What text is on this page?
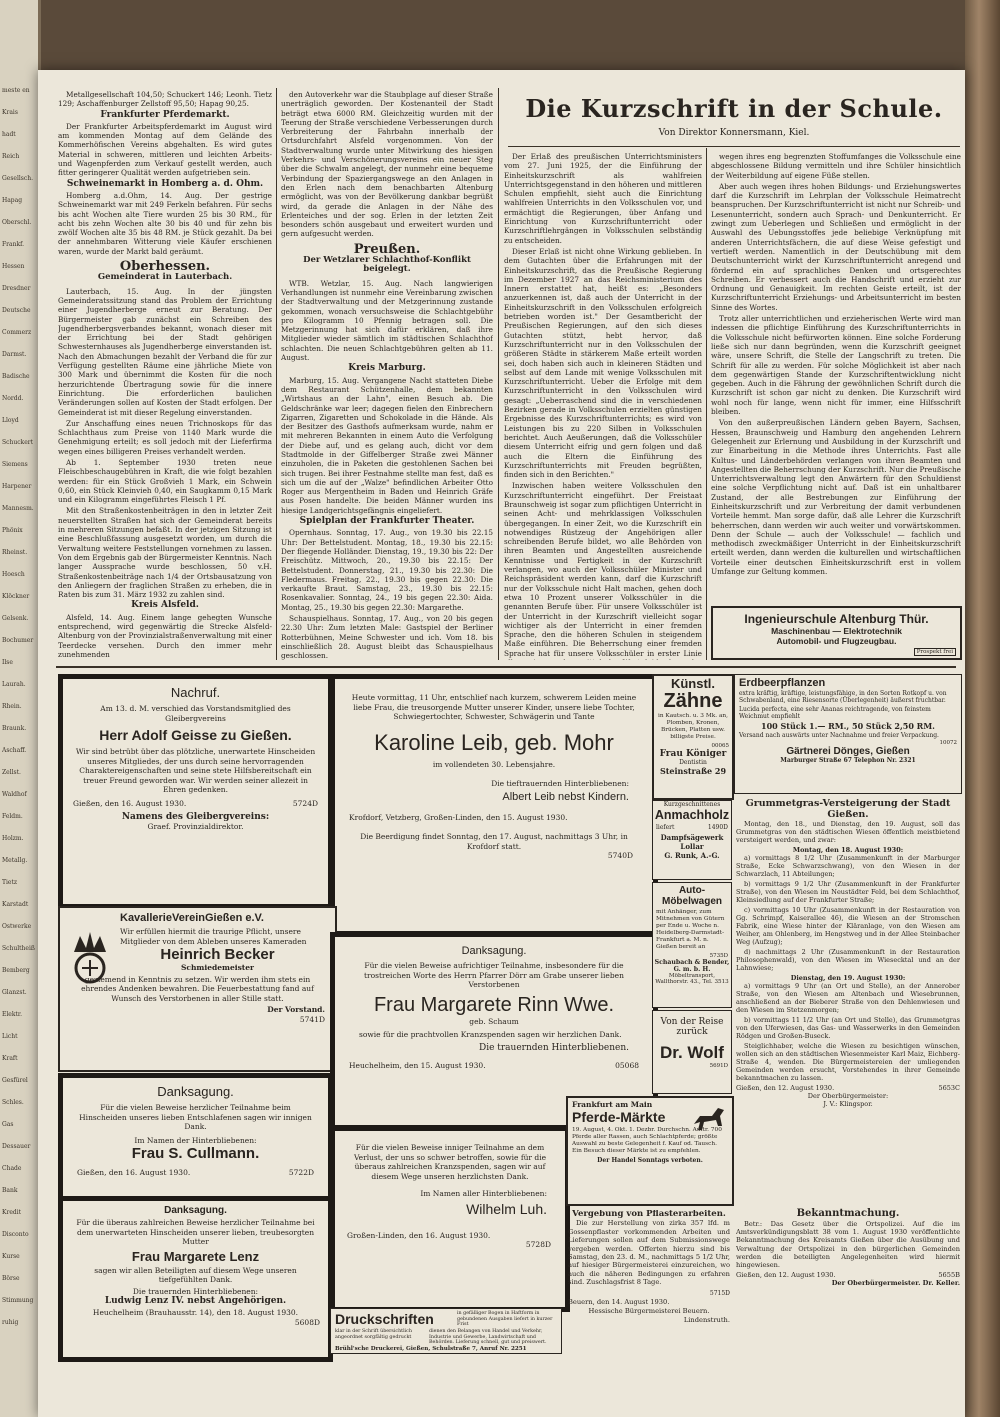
Metallgesellschaft 104,50; Schuckert 146; Leonh. Tietz 129; Aschaffenburger Zellstoff 95,50; Hapag 90,25.

Frankfurter Pferdemarkt.

Der Frankfurter Arbeitspferdemarkt im August wird am kommenden Montag auf dem Gelände des Kommerhöfischen Vereins abgehalten. Es wird gutes Material in schweren, mittleren und leichten Arbeits- und Wagenpferden zum Verkauf gestellt werden, auch fitter geringerer Qualität werden aufgetrieben sein.

Schweinemarkt in Homberg a. d. Ohm.

Homberg a.d.Ohm, 14. Aug. Der gestrige Schweinemarkt war mit 249 Ferkeln befahren. Für sechs bis acht Wochen alte Tiere wurden 25 bis 30 RM., für acht bis zehn Wochen alte 30 bis 40 und für zehn bis zwölf Wochen alte 35 bis 48 RM. je Stück gezahlt. Da bei der annehmbaren Witterung viele Käufer erschienen waren, wurde der Markt bald geräumt.

Oberhessen.
Gemeinderat in Lauterbach.

Lauterbach, 15. Aug. In der jüngsten Gemeinderatssitzung stand das Problem der Errichtung einer Jugendherberge erneut zur Beratung. Der Bürgermeister gab zunächst ein Schreiben des Jugendherbergsverbandes bekannt, wonach dieser mit der Errichtung bei der Stadt gehörigen Schwesternhauses als Jugendherberge einverstanden ist. Nach den Abmachungen bezahlt der Verband die für zur Verfügung gestellten Räume eine jährliche Miete von 300 Mark und übernimmt die Kosten für die noch herzurichtende Übertragung sowie für die innere Einrichtung. Die erforderlichen baulichen Veränderungen sollen auf Kosten der Stadt erfolgen. Der Gemeinderat ist mit dieser Regelung einverstanden.

Zur Anschaffung eines neuen Trichnoskops für das Schlachthaus zum Preise von 1140 Mark wurde die Genehmigung erteilt; es soll jedoch mit der Lieferfirma wegen eines billigeren Preises verhandelt werden.

Ab 1. September 1930 treten neue Fleischbeschaugebühren in Kraft, die wie folgt bezahlen werden: für ein Stück Großvieh 1 Mark, ein Schwein 0,60, ein Stück Kleinvieh 0,40, ein Saugkamm 0,15 Mark und ein Kilogramm eingeführtes Fleisch 1 Pf.

Mit den Straßenkostenbeiträgen in den in letzter Zeit neuerstellten Straßen hat sich der Gemeinderat bereits in mehreren Sitzungen befaßt. In der jetzigen Sitzung ist eine Beschlußfassung ausgesetzt worden, um durch die Verwaltung weitere Feststellungen vornehmen zu lassen. Von dem Ergebnis gab der Bürgermeister Kenntnis. Nach langer Aussprache wurde beschlossen, 50 v.H. Straßenkostenbeiträge nach 1/4 der Ortsbausatzung von den Anliegern der fraglichen Straßen zu erheben, die in Raten bis zum 31. März 1932 zu zahlen sind.

Kreis Alsfeld.

Alsfeld, 14. Aug. Einem lange gehegten Wunsche entsprechend, wird gegenwärtig die Strecke Alsfeld-Altenburg von der Provinzialstraßenverwaltung mit einer Teerdecke versehen. Durch den immer mehr zunehmenden

den Autoverkehr war die Staubplage auf dieser Straße unerträglich geworden. Der Kostenanteil der Stadt beträgt etwa 6000 RM. Gleichzeitig wurden mit der Teerung der Straße verschiedene Verbesserungen durch Verbreiterung der Fahrbahn innerhalb der Ortsdurchfahrt Alsfeld vorgenommen. Von der Stadtverwaltung wurde unter Mitwirkung des hiesigen Verkehrs- und Verschönerungsvereins ein neuer Steg über die Schwalm angelegt, der nunmehr eine bequeme Verbindung der Spaziergangswege an den Anlagen in den Erlen nach dem benachbarten Altenburg ermöglicht, was von der Bevölkerung dankbar begrüßt wird, da gerade die Anlagen in der Nähe des Erlenteiches und der sog. Erlen in der letzten Zeit besonders schön ausgebaut und erweitert wurden und gern aufgesucht werden.

Preußen.
Der Wetzlarer Schlachthof-Konflikt beigelegt.

WTB. Wetzlar, 15. Aug. Nach langwierigen Verhandlungen ist nunmehr eine Vereinbarung zwischen der Stadtverwaltung und der Metzgerinnung zustande gekommen, wonach versuchsweise die Schlachtgebühr pro Kilogramm 10 Pfennig betragen soll. Die Metzgerinnung hat sich dafür erklären, daß ihre Mitglieder wieder sämtlich im städtischen Schlachthof schlachten. Die neuen Schlachtgebühren gelten ab 11. August.

Kreis Marburg.

Marburg, 15. Aug. Vergangene Nacht statteten Diebe dem Restaurant Schützenhalle, dem bekannten „Wirtshaus an der Lahn", einen Besuch ab. Die Geldschränke war leer; dagegen fielen den Einbrechern Zigarren, Zigaretten und Schokolade in die Hände. Als der Besitzer des Gasthofs aufmerksam wurde, nahm er mit mehreren Bekannten in einem Auto die Verfolgung der Diebe auf, und es gelang auch, dicht vor dem Stadtmolde in der Giffelberger Straße zwei Männer einzuholen, die in Paketen die gestohlenen Sachen bei sich trugen. Bei ihrer Festnahme stellte man fest, daß es sich um die auf der „Walze" befindlichen Arbeiter Otto Roger aus Mergentheim in Baden und Heinrich Gräfe aus Posen handelte. Die beiden Männer wurden ins hiesige Landgerichtsgefängnis eingeliefert.

Spielplan der Frankfurter Theater.

Opernhaus. Sonntag, 17. Aug., von 19.30 bis 22.15 Uhr: Der Bettelstudent. Montag, 18., 19.30 bis 22.15: Der fliegende Holländer. Dienstag, 19., 19.30 bis 22: Der Freischütz. Mittwoch, 20., 19.30 bis 22.15: Der Bettelstudent. Donnerstag, 21., 19.30 bis 22.30: Die Fledermaus. Freitag, 22., 19.30 bis gegen 22.30: Die verkaufte Braut. Samstag, 23., 19.30 bis 22.15: Rosenkavalier. Sonntag, 24., 19 bis gegen 22.30: Aida. Montag, 25., 19.30 bis gegen 22.30: Margarethe.

Schauspielhaus. Sonntag, 17. Aug., von 20 bis gegen 22.30 Uhr: Zum letzten Male: Gastspiel der Berliner Rotterbühnen, Meine Schwester und ich. Vom 18. bis einschließlich 28. August bleibt das Schauspielhaus geschlossen.

Die Kurzschrift in der Schule.
Von Direktor Konnersmann, Kiel.

Der Erlaß des preußischen Unterrichtsministers vom 27. Juni 1925, der die Einführung der Einheitskurzschrift als wahlfreien Unterrichtsgegenstand in den höheren und mittleren Schulen empfiehlt, sieht auch die Einrichtung wahlfreien Unterrichts in den Volksschulen vor, und ermächtigt die Regierungen, über Anfang und Einrichtung von Kurzschriftunterricht oder Kurzschriftlehrgängen in Volksschulen selbständig zu entscheiden.

Dieser Erlaß ist nicht ohne Wirkung geblieben. In dem Gutachten über die Erfahrungen mit der Einheitskurzschrift, das die Preußische Regierung im Dezember 1927 an das Reichsministerium des Innern erstattet hat, heißt es: „Besonders anzuerkennen ist, daß auch der Unterricht in der Einheitskurzschrift in den Volksschulen erfolgreich betrieben worden ist." Der Gesamtbericht der Preußischen Regierungen, auf den sich dieses Gutachten stützt, hebt hervor, daß Kurzschriftunterricht nur in den Volksschulen der größeren Städte in stärkerem Maße erteilt worden sei, doch haben sich auch in kleineren Städten und selbst auf dem Lande mit wenige Volksschulen mit Kurzschriftunterricht. Ueber die Erfolge mit dem Kurzschriftunterricht in den Volksschulen wird gesagt: „Ueberraschend sind die in verschiedenen Bezirken gerade in Volksschulen erzielten günstigen Ergebnisse des Kurzschriftunterrichts; es wird von Leistungen bis zu 220 Silben in Volksschulen berichtet. Auch Aeußerungen, daß die Volksschüler diesem Unterricht eifrig und gern folgen und daß auch die Eltern die Einführung des Kurzschriftunterrichts mit Freuden begrüßten, finden sich in den Berichten."

Inzwischen haben weitere Volksschulen den Kurzschriftunterricht eingeführt. Der Freistaat Braunschweig ist sogar zum pflichtigen Unterricht in seinen Acht- und mehrklassigen Volksschulen übergegangen. In einer Zeit, wo die Kurzschrift ein notwendiges Rüstzeug der Angehörigen aller schreibenden Berufe bildet, wo alle Behörden von ihren Beamten und Angestellten ausreichende Kenntnisse und Fertigkeit in der Kurzschrift verlangen, wo auch der Volksschüler Minister und Reichspräsident werden kann, darf die Kurzschrift nur der Volksschule nicht Halt machen, gehen doch etwa 10 Prozent unserer Volksschüler in die genannten Berufe über. Für unsere Volksschüler ist der Unterricht in der Kurzschrift vielleicht sogar wichtiger als der Unterricht in einer fremden Sprache, den die höheren Schulen in steigendem Maße einführen. Die Beherrschung einer fremden Sprache hat für unsere Volksschüler in erster Linie

wegen ihres eng begrenzten Stoffumfanges die Volksschule eine abgeschlossene Bildung vermitteln und ihre Schüler hinsichtlich der Weiterbildung auf eigene Füße stellen.

Aber auch wegen ihres hohen Bildungs- und Erziehungswertes darf die Kurzschrift im Lehrplan der Volksschule Heimatrecht beanspruchen. Der Kurzschriftunterricht ist nicht nur Schreib- und Lesenunterricht, sondern auch Sprach- und Denkunterricht. Er zwingt zum Ueberlegen und Schließen und ermöglicht in der Auswahl des Uebungsstoffes jede beliebige Verknüpfung mit anderen Unterrichtsfächern, die auf diese Weise gefestigt und vertieft werden. Namentlich in der Deutschübung mit dem Deutschunterricht wirkt der Kurzschriftunterricht anregend und fördernd ein auf sprachliches Denken und ortsgerechtes Schreiben. Er verbessert auch die Handschrift und erzieht zur Ordnung und Genauigkeit. Im rechten Geiste erteilt, ist der Kurzschriftunterricht Erziehungs- und Arbeitsunterricht im besten Sinne des Wortes.

Trotz aller unterrichtlichen und erzieherischen Werte wird man indessen die pflichtige Einführung des Kurzschriftunterrichts in die Volksschule nicht befürworten können. Eine solche Forderung ließe sich nur dann begründen, wenn die Kurzschrift geeignet wäre, unsere Schrift, die Stelle der Langschrift zu treten. Die Schrift für alle zu werden. Für solche Möglichkeit ist aber nach dem gegenwärtigen Stande der Kurzschriftentwicklung nicht gegeben. Auch in die Fährung der gewöhnlichen Schrift durch die Kurzschrift ist schon gar nicht zu denken. Die Kurzschrift wird wohl noch für lange, wenn nicht für immer, eine Hilfsschrift bleiben.

Von den außerpreußischen Ländern geben Bayern, Sachsen, Hessen, Braunschweig und Hamburg den angehenden Lehrern Gelegenheit zur Erlernung und Ausbildung in der Kurzschrift und zur Einarbeitung in die Methode ihres Unterrichts. Fast alle Kultus- und Länderbehörden verlangen von ihren Beamten und Angestellten die Beherrschung der Kurzschrift. Nur die Preußische Unterrichtsverwaltung legt den Anwärtern für den Schuldienst eine solche Verpflichtung nicht auf. Daß ist ein unhaltbarer Zustand, der alle Bestrebungen zur Einführung der Einheitskurzschrift und zur Verbreitung der damit verbundenen Vorteile hemmt. Man sorge dafür, daß alle Lehrer die Kurzschrift beherrschen, dann werden wir auch weiter und vorwärtskommen. Denn der Schule — auch der Volksschule! — fachlich und methodisch zweckmäßiger Unterricht in der Einheitskurzschrift erteilt werden, dann werden die kulturellen und wirtschaftlichen Vorteile einer deutschen Einheitskurzschrift erst in vollem Umfange zur Geltung kommen.

Ingenieurschule Altenburg Thür.
Maschinenbau — Elektrotechnik
Automobil- und Flugzeugbau.
Prospekt frei
Nachruf.
Am 13. d. M. verschied das Vorstandsmitglied des Gleibergvereins
Herr Adolf Geisse zu Gießen.
Wir sind betrübt über das plötzliche, unerwartete Hinscheiden unseres Mitgliedes, der uns durch seine hervorragenden Charaktereigenschaften und seine stete Hilfsbereitschaft ein treuer Freund geworden war. Wir werden seiner allezeit in Ehren gedenken.
Gießen, den 16. August 1930.	5724D
Namens des Gleibergvereins:
Graef. Provinzialdirektor.
Heute vormittag, 11 Uhr, entschlief nach kurzem, schwerem Leiden meine liebe Frau, die treusorgende Mutter unserer Kinder, unsere liebe Tochter, Schwiegertochter, Schwester, Schwägerin und Tante
Karoline Leib, geb. Mohr
im vollendeten 30. Lebensjahre.
Die tieftrauernden Hinterbliebenen:
Albert Leib nebst Kindern.
Krofdorf, Vetzberg, Großen-Linden, den 15. August 1930.
Die Beerdigung findet Sonntag, den 17. August, nachmittags 3 Uhr, in Krofdorf statt.
5740D
KavallerieVereinGießen e.V.
Wir erfüllen hiermit die traurige Pflicht, unsere Mitglieder von dem Ableben unseres Kameraden
Heinrich Becker
Schmiedemeister
geziemend in Kenntnis zu setzen. Wir werden ihm stets ein ehrendes Andenken bewahren. Die Feuerbestattung fand auf Wunsch des Verstorbenen in aller Stille statt.
Der Vorstand.
5741D
Danksagung.
Für die vielen Beweise herzlicher Teilnahme beim Hinscheiden unseres lieben Entschlafenen sagen wir innigen Dank.
Im Namen der Hinterbliebenen:
Frau S. Cullmann.
Gießen, den 16. August 1930.	5722D
Danksagung.
Für die überaus zahlreichen Beweise herzlicher Teilnahme bei dem unerwarteten Hinscheiden unserer lieben, treubesorgten Mutter
Frau Margarete Lenz
sagen wir allen Beteiligten auf diesem Wege unseren tiefgefühlten Dank.
Die trauernden Hinterbliebenen:
Ludwig Lenz IV. nebst Angehörigen.
Heuchelheim (Brauhausstr. 14), den 18. August 1930.
5608D
Danksagung.
Für die vielen Beweise aufrichtiger Teilnahme, insbesondere für die trostreichen Worte des Herrn Pfarrer Dörr am Grabe unserer lieben Verstorbenen
Frau Margarete Rinn Wwe.
geb. Schaum
sowie für die prachtvollen Kranzspenden sagen wir herzlichen Dank.
Die trauernden Hinterbliebenen.
Heuchelheim, den 15. August 1930.	05068
Für die vielen Beweise inniger Teilnahme an dem Verlust, der uns so schwer betroffen, sowie für die überaus zahlreichen Kranzspenden, sagen wir auf diesem Wege unseren herzlichsten Dank.
Im Namen aller Hinterbliebenen:
Wilhelm Luh.
Großen-Linden, den 16. August 1930.
5728D
Druckschriften	in gefälliger Bogen in Haftform in gebundenen Ausgaben liefert in kurzer Frist
klar in der Schrift übersichtlich angeordnet sorgfältig gedruckt
dienen den Belangen von Handel und Verkehr, Industrie und Gewerbe, Landwirtschaft und Behörden. Lieferung schnell, gut und preiswert.
Brühl'sche Druckerei, Gießen, Schulstraße 7, Anruf Nr. 2251
Künstl.
Zähne
in Kautsch. u. 3 Mk. an, Plomben, Kronen, Brücken, Platten usw. billigste Preise.
00065
Frau Königer
Dentistin
Steinstraße 29
Kurzgeschnittenes
Anmachholz
liefert	1490D
Dampfsägewerk Lollar
G. Runk, A.-G.
Auto-Möbelwagen
mit Anhänger, zum Mitnehmen von Gütern per Ende u. Woche n. Heidelberg-Darmstadt-Frankfurt a. M. n. Gießen bereit an
5735D
Schaubach & Bender, G. m. b. H.
Möbeltransport, Wallthorstr. 43., Tel. 3513
Von der Reise zurück
Dr. Wolf
5691D
Frankfurt am Main
Pferde-Märkte
19. August, 4. Okt. 1. Dezbr. Durchschn. Auftr. 700 Pferde aller Rassen, auch Schlachtpferde; größte Auswahl zu beste Gelegenheit f. Kauf od. Tausch. Ein Besuch dieser Märkte ist zu empfehlen.
Der Handel Sonntags verboten.
Vergebung von Pflasterarbeiten.

Die zur Herstellung von zirka 357 lfd. m Gossenpflaster vorkommenden Arbeiten und Lieferungen sollen auf dem Submissionswege vergeben werden. Offerten hierzu sind bis Samstag, den 23. d. M., nachmittags 5 1/2 Uhr, auf hiesiger Bürgermeisterei einzureichen, wo auch die näheren Bedingungen zu erfahren sind. Zuschlagsfrist 8 Tage.

5715D
Beuern, den 14. August 1930.
Hessische Bürgermeisterei Beuern.
Lindenstruth.
Erdbeerpflanzen
extra kräftig, kräftige, leistungsfähige, in den Sorten Rotkopf u. von Schwabenland, eine Riesensorte (Überlegenheit) äußerst fruchtbar.
Lucida perfecta, eine sehr Ananas reichtragende, von feinstem Weichmut empfiehlt
100 Stück 1.— RM., 50 Stück 2,50 RM.
Versand nach auswärts unter Nachnahme und freier Verpackung.
10072
Gärtnerei Dönges, Gießen
Marburger Straße 67 Telephon Nr. 2321
Grummetgras-Versteigerung der Stadt Gießen.

Montag, den 18., und Dienstag, den 19. August, soll das Grummetgras von den städtischen Wiesen öffentlich meistbietend versteigert werden, und zwar:

Montag, den 18. August 1930:

a) vormittags 8 1/2 Uhr (Zusammenkunft in der Marburger Straße, Ecke Schwarzschwang), von den Wiesen in der Schwarzlach, 11 Abteilungen;

b) vormittags 9 1/2 Uhr (Zusammenkunft in der Frankfurter Straße), von den Wiesen im Neustädter Feld, bei dem Schlachthof, Kleinsiedlung auf der Frankfurter Straße;

c) vormittags 10 Uhr (Zusammenkunft in der Restauration von Gg. Schrimpf, Kaiserallee 46), die Wiesen an der Stromschen Fabrik, eine Wiese hinter der Kläranlage, von den Wiesen am Weiher, am Ohlenberg, im Hengstweg und in der Allee Steinbacher Weg (Aufzug);

d) nachmittags 2 Uhr (Zusammenkunft in der Restauration Philosophenwald), von den Wiesen im Wiesecktal und an der Lahnwiese;

Dienstag, den 19. August 1930:

a) vormittags 9 Uhr (an Ort und Stelle), an der Annerober Straße, von den Wiesen am Altenbach und Wiesebrunnen, anschließend an der Bieberer Straße von den Dehlenwiesen und den Wiesen im Stetzenmorgen;

b) vormittags 11 1/2 Uhr (an Ort und Stelle), das Grummetgras von den Uferwiesen, das Gas- und Wasserwerks in den Gemeinden Rödgen und Großen-Buseck.

Steiglichhaber, welche die Wiesen zu besichtigen wünschen, wollen sich an den städtischen Wiesenmeister Karl Maiz, Eichberg-Straße 4, wenden. Die Bürgermeistereien der umliegenden Gemeinden werden ersucht, Vorstehendes in ihrer Gemeinde bekanntmachen zu lassen.

Gießen, den 12. August 1930.	5653C
Der Oberbürgermeister:
J. V.: Klingspor.
Bekanntmachung.

Betr.: Das Gesetz über die Ortspolizei. Auf die im Amtsverkündigungsblatt 38 vom 1. August 1930 veröffentlichte Bekanntmachung des Kreisamts Gießen über die Ausübung und Verwaltung der Ortspolizei in den bürgerlichen Gemeinden werden die beteiligten Angelegenheiten wird hiermit hingewiesen.

Gießen, den 12. August 1930.	5655B
Der Oberbürgermeister. Dr. Keller.
meste en
Krais
hadt
Reich
Gesellsch.
Hapag
Oberschl.
Frankf.
Hessen
Dresdner
Deutsche
Commerz
Darmst.
Badische
Nordd.
Lloyd
Schuckert
Siemens
Harpener
Mannesm.
Phönix
Rheinst.
Hoesch
Klöckner
Gelsenk.
Bochumer
Ilse
Laurah.
Rhein.
Braunk.
Aschaff.
Zellst.
Waldhof
Feldm.
Holzm.
Metallg.
Tietz
Karstadt
Ostwerke
Schultheiß
Bemberg
Glanzst.
Elektr.
Licht
Kraft
Gesfürel
Schles.
Gas
Dessauer
Chade
Bank
Kredit
Disconto
Kurse
Börse
Stimmung
ruhig
